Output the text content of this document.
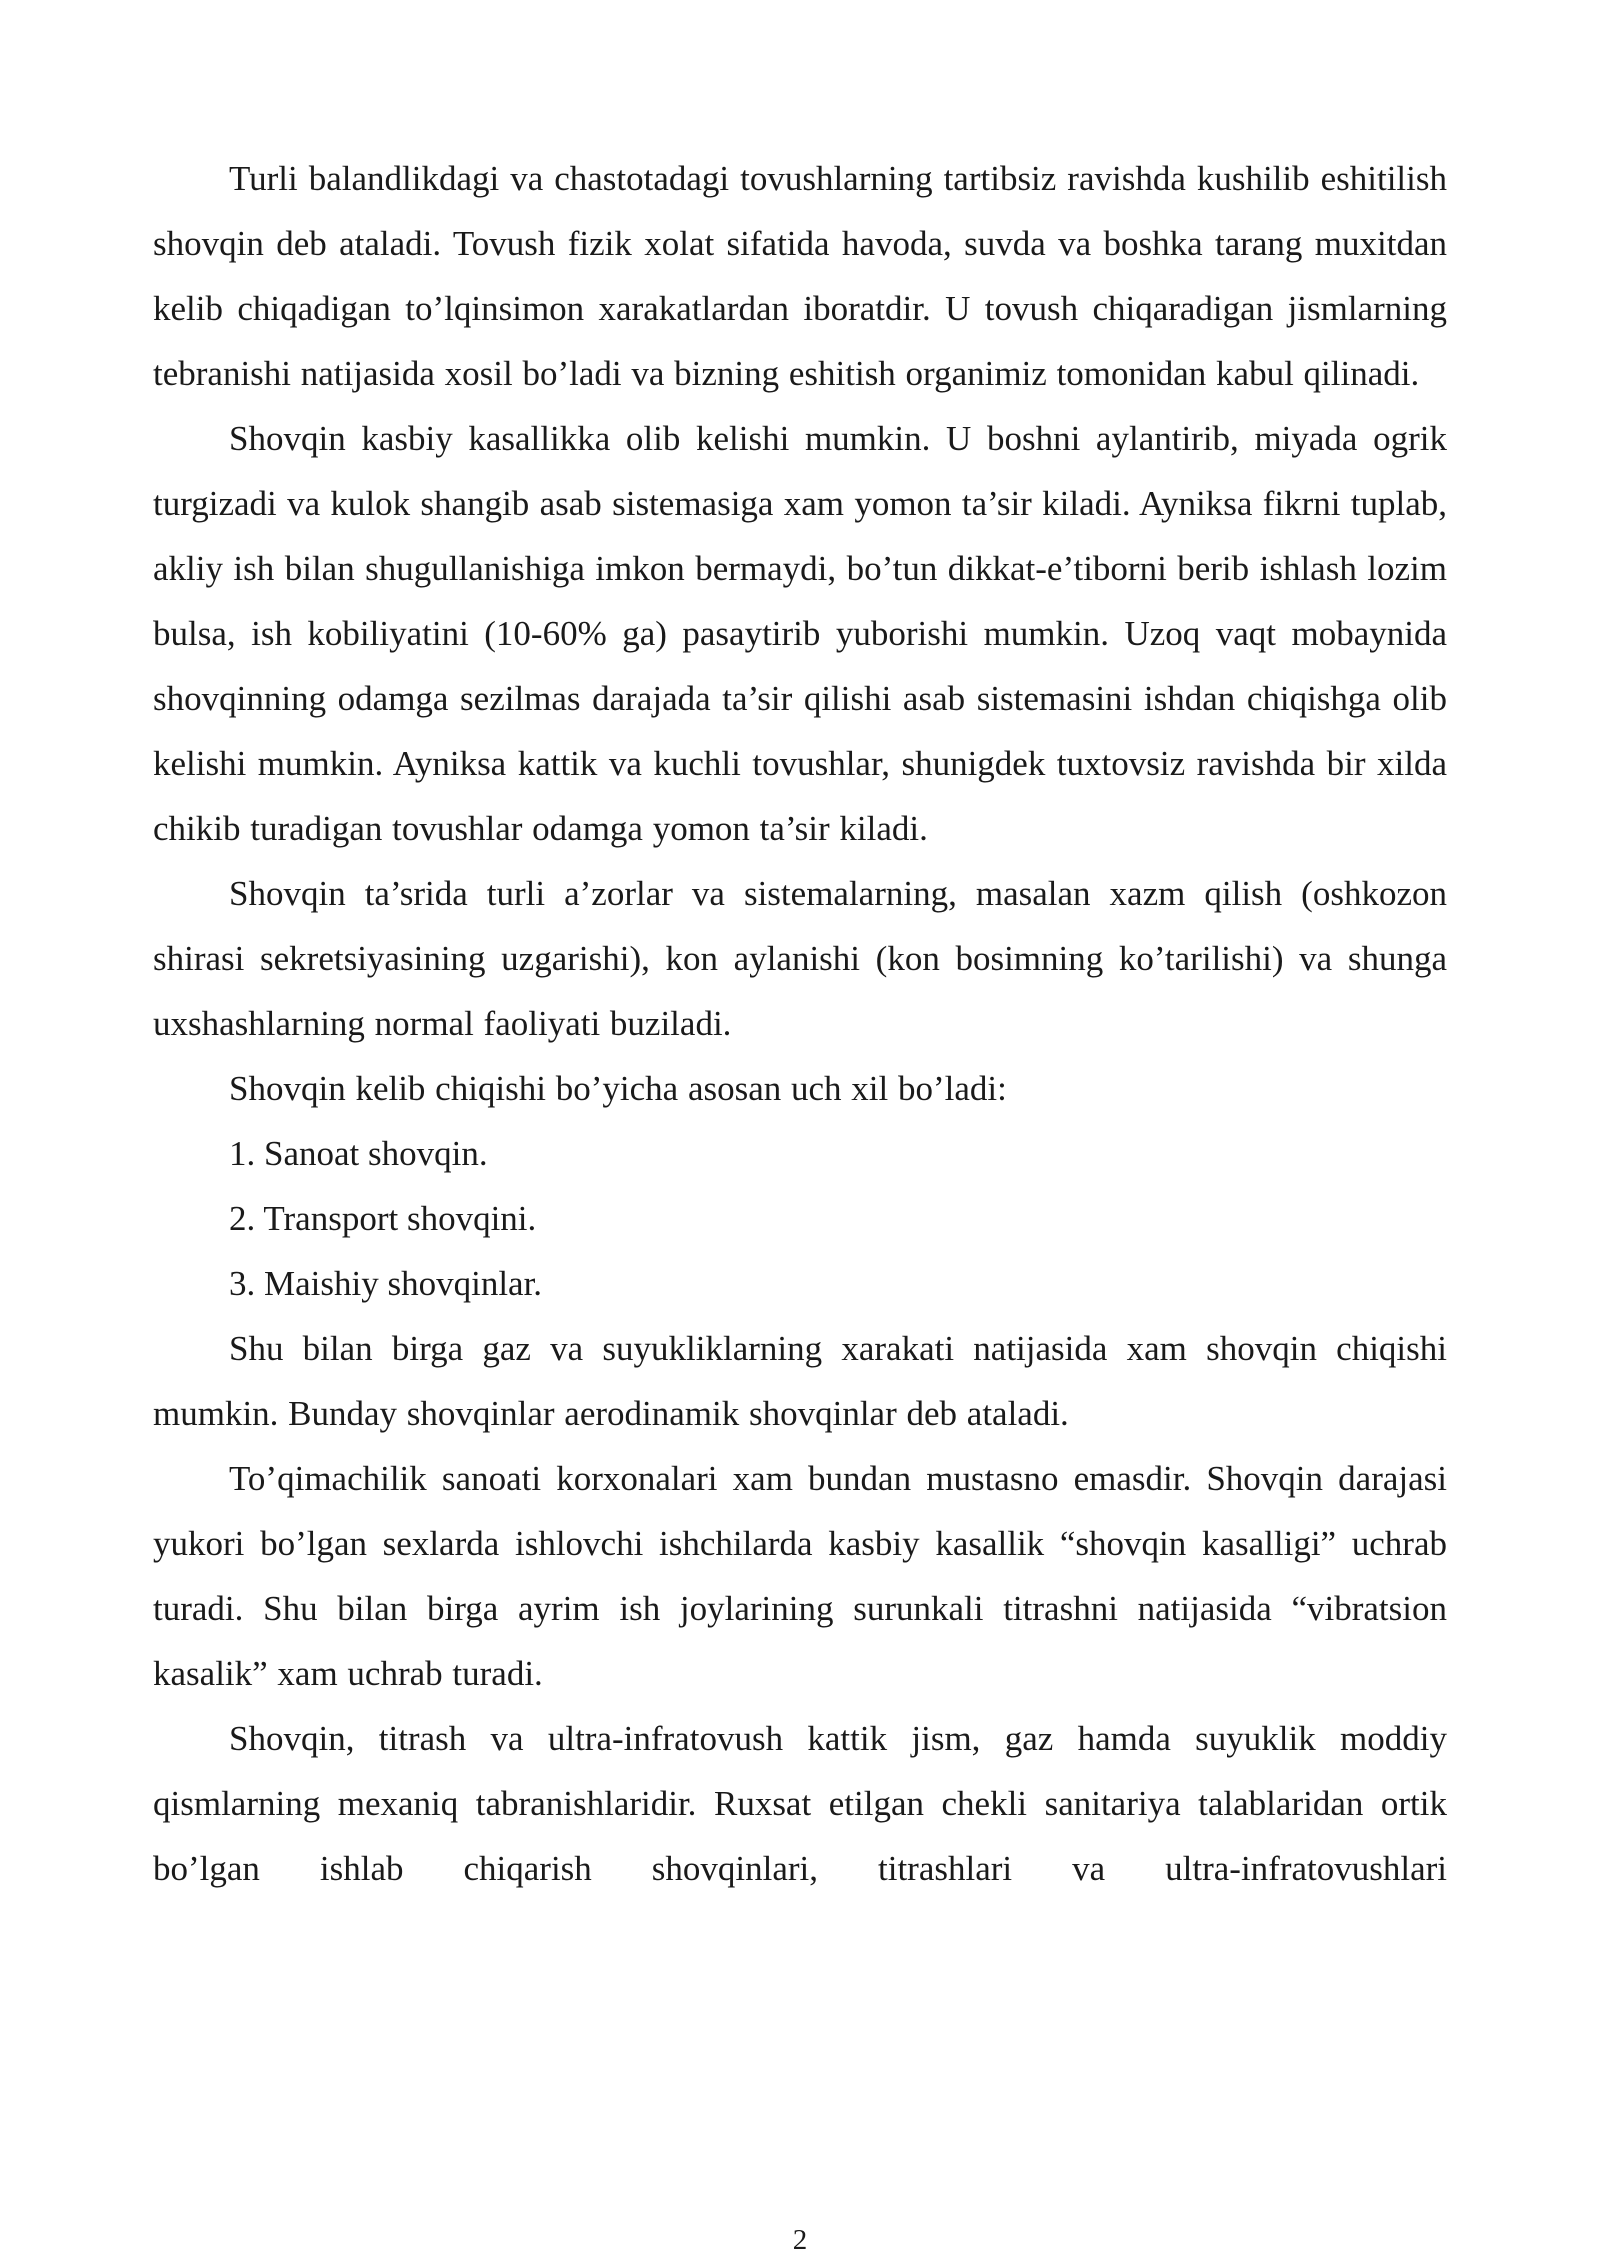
Turli balandlikdagi va chastotadagi tovushlarning tartibsiz ravishda kushilib eshitilish shovqin deb ataladi. Tovush fizik xolat sifatida havoda, suvda va boshka tarang muxitdan kelib chiqadigan to’lqinsimon xarakatlardan iboratdir. U tovush chiqaradigan jismlarning tebranishi natijasida xosil bo’ladi va bizning eshitish organimiz tomonidan kabul qilinadi.

Shovqin kasbiy kasallikka olib kelishi mumkin. U boshni aylantirib, miyada ogrik turgizadi va kulok shangib asab sistemasiga xam yomon ta’sir kiladi. Ayniksa fikrni tuplab, akliy ish bilan shugullanishiga imkon bermaydi, bo’tun dikkat-e’tiborni berib ishlash lozim bulsa, ish kobiliyatini (10-60% ga) pasaytirib yuborishi mumkin. Uzoq vaqt mobaynida shovqinning odamga sezilmas darajada ta’sir qilishi asab sistemasini ishdan chiqishga olib kelishi mumkin. Ayniksa kattik va kuchli tovushlar, shunigdek tuxtovsiz ravishda bir xilda chikib turadigan tovushlar odamga yomon ta’sir kiladi.

Shovqin ta’srida turli a’zorlar va sistemalarning, masalan xazm qilish (oshkozon shirasi sekretsiyasining uzgarishi), kon aylanishi (kon bosimning ko’tarilishi) va shunga uxshashlarning normal faoliyati buziladi.

Shovqin kelib chiqishi bo’yicha asosan uch xil bo’ladi:

1. Sanoat shovqin.

2. Transport shovqini.

3. Maishiy shovqinlar.

Shu bilan birga gaz va suyukliklarning xarakati natijasida xam shovqin chiqishi mumkin. Bunday shovqinlar aerodinamik shovqinlar deb ataladi.

To’qimachilik sanoati korxonalari xam bundan mustasno emasdir. Shovqin darajasi yukori bo’lgan sexlarda ishlovchi ishchilarda kasbiy kasallik “shovqin kasalligi” uchrab turadi. Shu bilan birga ayrim ish joylarining surunkali titrashni natijasida “vibratsion kasalik” xam uchrab turadi.

Shovqin, titrash va ultra-infratovush kattik jism, gaz hamda suyuklik moddiy qismlarning mexaniq tabranishlaridir. Ruxsat etilgan chekli sanitariya talablaridan ortik bo’lgan ishlab chiqarish shovqinlari, titrashlari va ultra-infratovushlari

2
